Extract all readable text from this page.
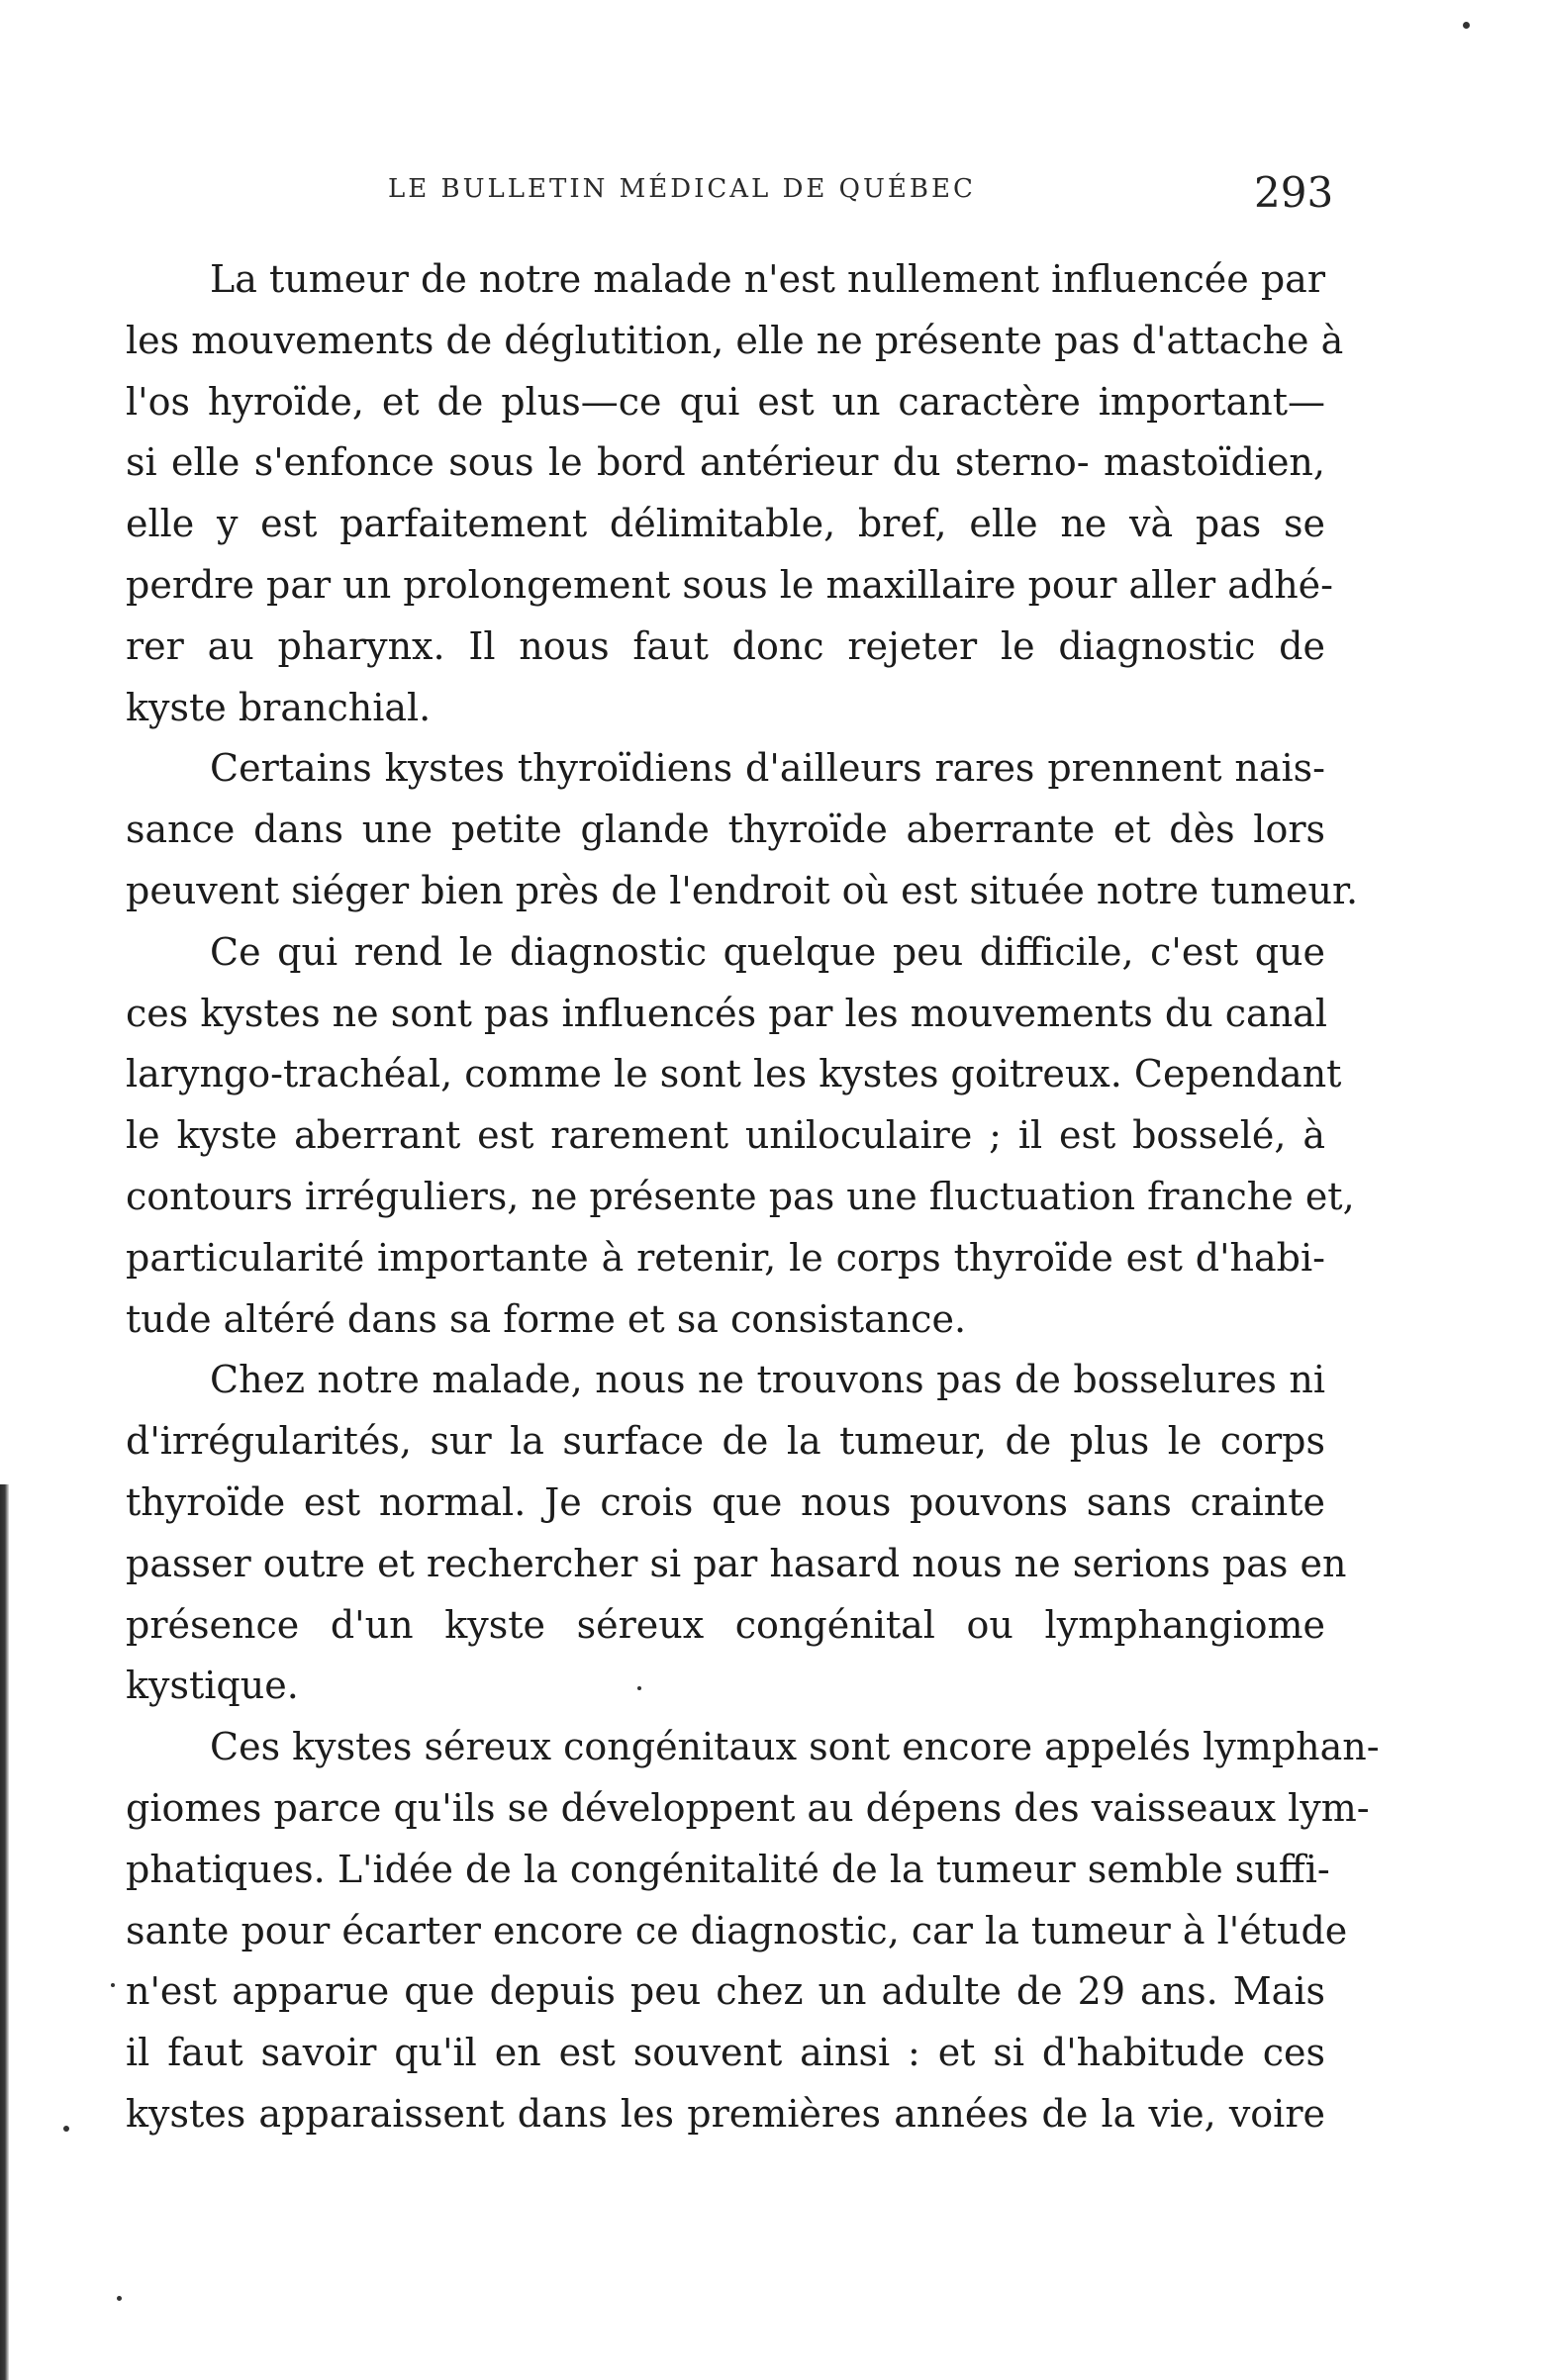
LE BULLETIN MÉDICAL DE QUÉBEC	293
La tumeur de notre malade n'est nullement influencée par
les mouvements de déglutition, elle ne présente pas d'attache à
l'os hyroïde, et de plus—ce qui est un caractère important—
si elle s'enfonce sous le bord antérieur du sterno- mastoïdien,
elle y est parfaitement délimitable, bref, elle ne và pas se
perdre par un prolongement sous le maxillaire pour aller adhé-
rer au pharynx. Il nous faut donc rejeter le diagnostic de
kyste branchial.
Certains kystes thyroïdiens d'ailleurs rares prennent nais-
sance dans une petite glande thyroïde aberrante et dès lors
peuvent siéger bien près de l'endroit où est située notre tumeur.
Ce qui rend le diagnostic quelque peu difficile, c'est que
ces kystes ne sont pas influencés par les mouvements du canal
laryngo-trachéal, comme le sont les kystes goitreux. Cependant
le kyste aberrant est rarement uniloculaire ; il est bosselé, à
contours irréguliers, ne présente pas une fluctuation franche et,
particularité importante à retenir, le corps thyroïde est d'habi-
tude altéré dans sa forme et sa consistance.
Chez notre malade, nous ne trouvons pas de bosselures ni
d'irrégularités, sur la surface de la tumeur, de plus le corps
thyroïde est normal. Je crois que nous pouvons sans crainte
passer outre et rechercher si par hasard nous ne serions pas en
présence d'un kyste séreux congénital ou lymphangiome
kystique.
Ces kystes séreux congénitaux sont encore appelés lymphan-
giomes parce qu'ils se développent au dépens des vaisseaux lym-
phatiques. L'idée de la congénitalité de la tumeur semble suffi-
sante pour écarter encore ce diagnostic, car la tumeur à l'étude
n'est apparue que depuis peu chez un adulte de 29 ans. Mais
il faut savoir qu'il en est souvent ainsi : et si d'habitude ces
kystes apparaissent dans les premières années de la vie, voire
